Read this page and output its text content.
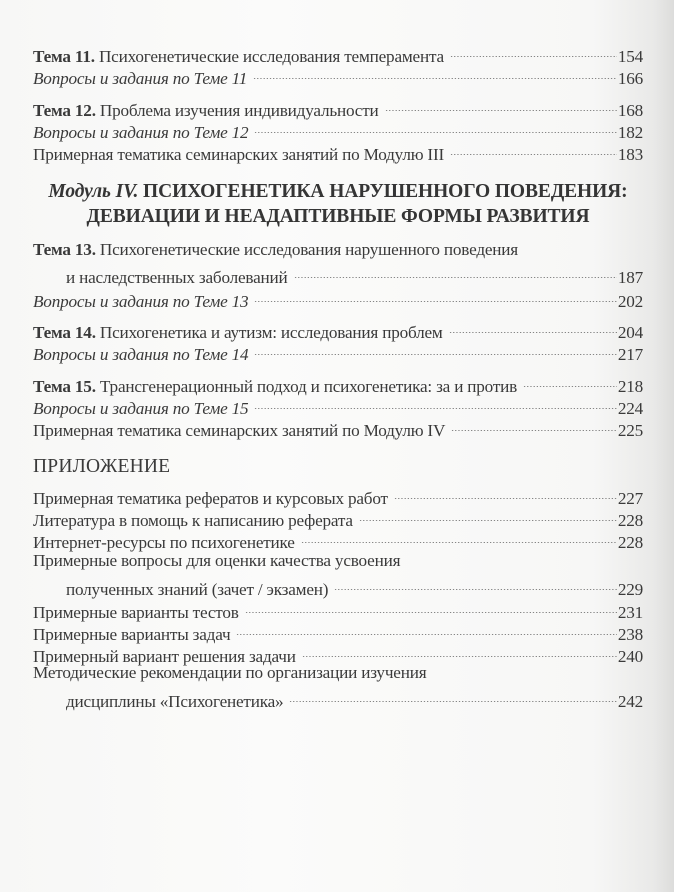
Тема 11. Психогенетические исследования темперамента	154
Вопросы и задания по Теме 11	166
Тема 12. Проблема изучения индивидуальности	168
Вопросы и задания по Теме 12	182
Примерная тематика семинарских занятий по Модулю III	183
Модуль IV. ПСИХОГЕНЕТИКА НАРУШЕННОГО ПОВЕДЕНИЯ:
ДЕВИАЦИИ И НЕАДАПТИВНЫЕ ФОРМЫ РАЗВИТИЯ
Тема 13. Психогенетические исследования нарушенного поведения
и наследственных заболеваний	187
Вопросы и задания по Теме 13	202
Тема 14. Психогенетика и аутизм: исследования проблем	204
Вопросы и задания по Теме 14	217
Тема 15. Трансгенерационный подход и психогенетика: за и против	218
Вопросы и задания по Теме 15	224
Примерная тематика семинарских занятий по Модулю IV	225
ПРИЛОЖЕНИЕ
Примерная тематика рефератов и курсовых работ	227
Литература в помощь к написанию реферата	228
Интернет-ресурсы по психогенетике	228
Примерные вопросы для оценки качества усвоения
полученных знаний (зачет / экзамен)	229
Примерные варианты тестов	231
Примерные варианты задач	238
Примерный вариант решения задачи	240
Методические рекомендации по организации изучения
дисциплины «Психогенетика»	242
